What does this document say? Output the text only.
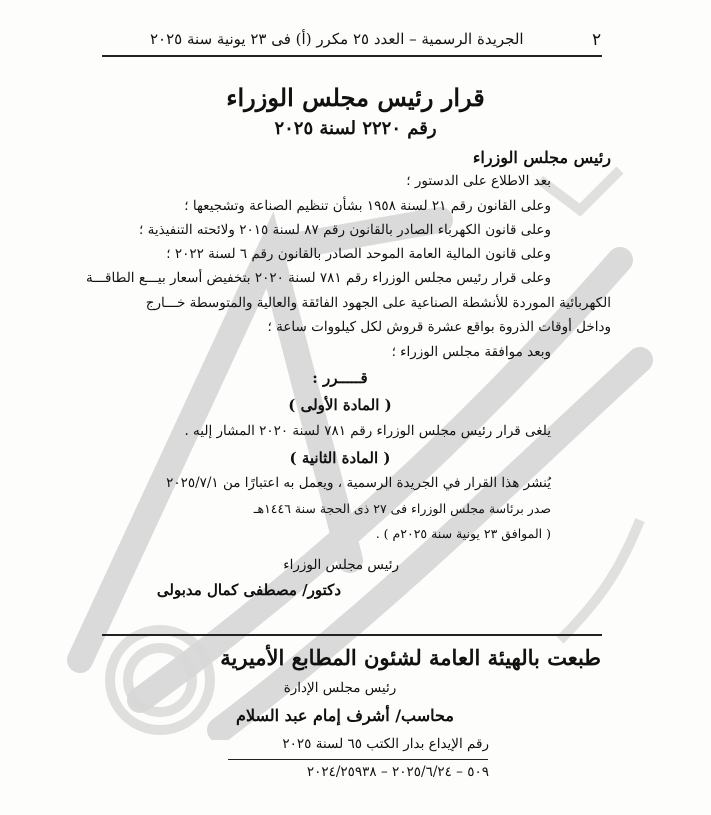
الجريدة الرسمية – العدد ٢٥ مكرر (أ) فى ٢٣ يونية سنة ٢٠٢٥	٢
قرار رئيس مجلس الوزراء
رقم ٢٢٢٠ لسنة ٢٠٢٥
رئيس مجلس الوزراء
بعد الاطلاع على الدستور ؛
وعلى القانون رقم ٢١ لسنة ١٩٥٨ بشأن تنظيم الصناعة وتشجيعها ؛
وعلى قانون الكهرباء الصادر بالقانون رقم ٨٧ لسنة ٢٠١٥ ولائحته التنفيذية ؛
وعلى قانون المالية العامة الموحد الصادر بالقانون رقم ٦ لسنة ٢٠٢٢ ؛
وعلى قرار رئيس مجلس الوزراء رقم ٧٨١ لسنة ٢٠٢٠ بتخفيض أسعار بيـــع الطاقـــة
الكهربائية الموردة للأنشطة الصناعية على الجهود الفائقة والعالية والمتوسطة خـــارج
وداخل أوقات الذروة بواقع عشرة قروش لكل كيلووات ساعة ؛
وبعد موافقة مجلس الوزراء ؛
قـــــرر :
( المادة الأولى )
يلغى قرار رئيس مجلس الوزراء رقم ٧٨١ لسنة ٢٠٢٠ المشار إليه .
( المادة الثانية )
يُنشر هذا القرار في الجريدة الرسمية ، ويعمل به اعتبارًا من ٢٠٢٥/٧/١
صدر برئاسة مجلس الوزراء فى ٢٧ ذى الحجة سنة ١٤٤٦هـ
( الموافق ٢٣ يونية سنة ٢٠٢٥م ) .
رئيس مجلس الوزراء
دكتور/ مصطفى كمال مدبولى
طبعت بالهيئة العامة لشئون المطابع الأميرية
رئيس مجلس الإدارة
محاسب/ أشرف إمام عبد السلام
رقم الإيداع بدار الكتب ٦٥ لسنة ٢٠٢٥
٥٠٩ – ٢٠٢٥/٦/٢٤ – ٢٠٢٤/٢٥٩٣٨
